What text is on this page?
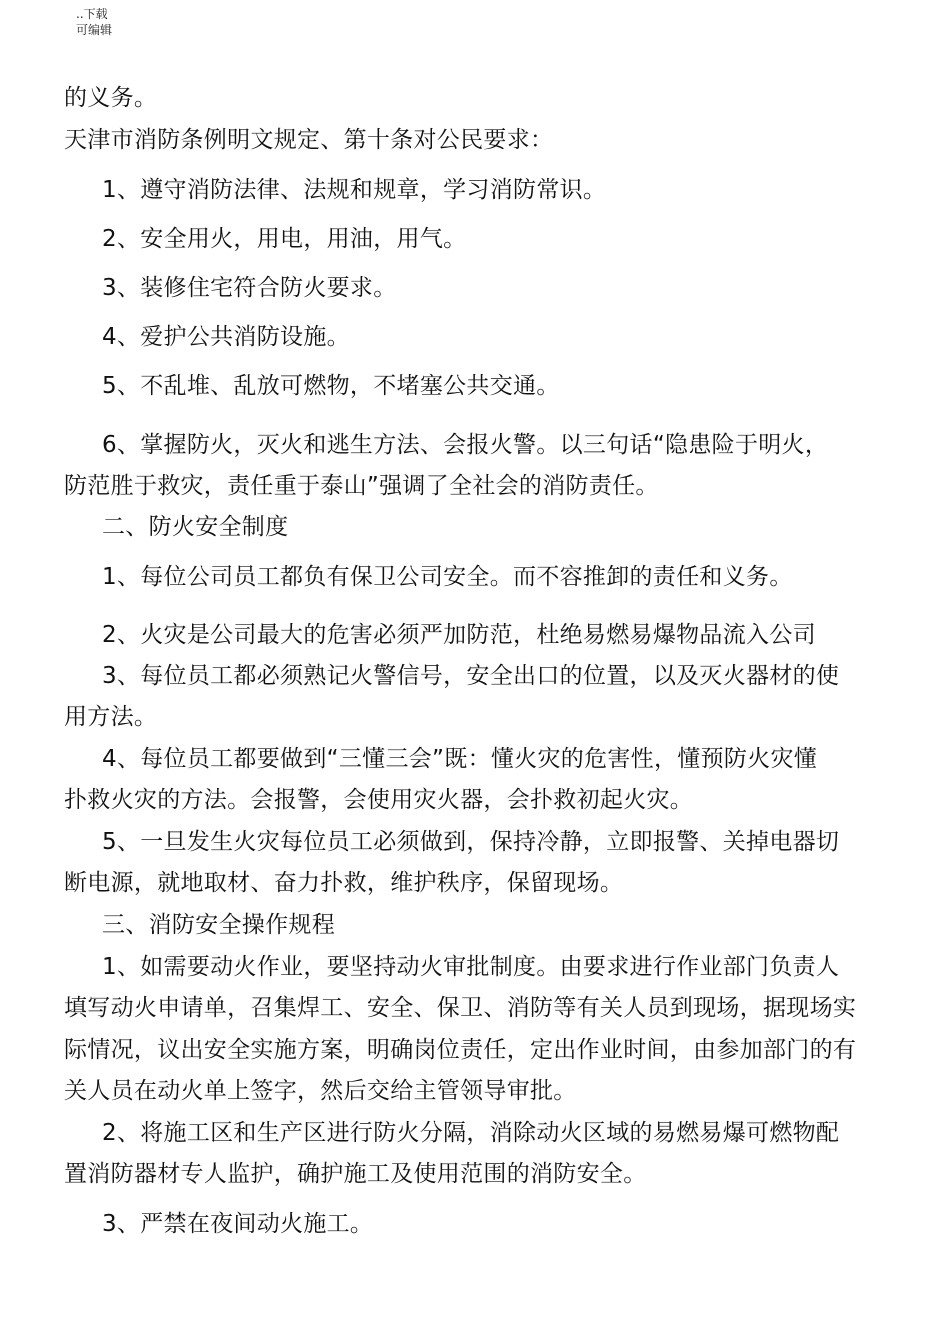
..下载
可编辑
的义务。
天津市消防条例明文规定、第十条对公民要求：
1、遵守消防法律、法规和规章，学习消防常识。
2、安全用火，用电，用油，用气。
3、装修住宅符合防火要求。
4、爱护公共消防设施。
5、不乱堆、乱放可燃物，不堵塞公共交通。
6、掌握防火，灭火和逃生方法、会报火警。以三句话“隐患险于明火，
防范胜于救灾，责任重于泰山”强调了全社会的消防责任。
二、防火安全制度
1、每位公司员工都负有保卫公司安全。而不容推卸的责任和义务。
2、火灾是公司最大的危害必须严加防范，杜绝易燃易爆物品流入公司
3、每位员工都必须熟记火警信号，安全出口的位置，以及灭火器材的使
用方法。
4、每位员工都要做到“三懂三会”既：懂火灾的危害性，懂预防火灾懂
扑救火灾的方法。会报警，会使用灾火器，会扑救初起火灾。
5、一旦发生火灾每位员工必须做到，保持冷静，立即报警、关掉电器切
断电源，就地取材、奋力扑救，维护秩序，保留现场。
三、消防安全操作规程
1、如需要动火作业，要坚持动火审批制度。由要求进行作业部门负责人
填写动火申请单，召集焊工、安全、保卫、消防等有关人员到现场，据现场实
际情况，议出安全实施方案，明确岗位责任，定出作业时间，由参加部门的有
关人员在动火单上签字，然后交给主管领导审批。
2、将施工区和生产区进行防火分隔，消除动火区域的易燃易爆可燃物配
置消防器材专人监护，确护施工及使用范围的消防安全。
3、严禁在夜间动火施工。
